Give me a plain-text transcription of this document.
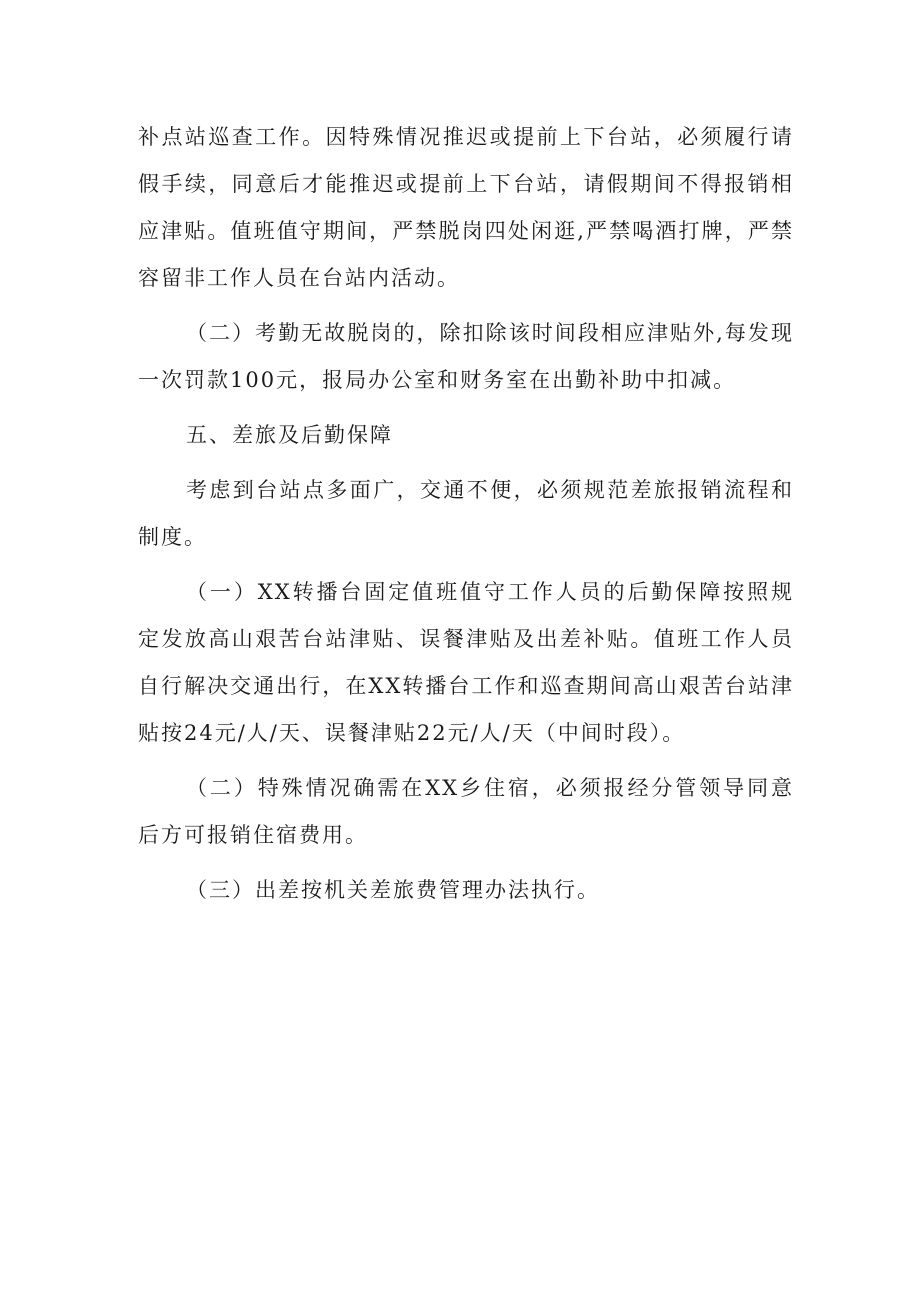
补点站巡查工作。因特殊情况推迟或提前上下台站，必须履行请假手续，同意后才能推迟或提前上下台站，请假期间不得报销相应津贴。值班值守期间，严禁脱岗四处闲逛,严禁喝酒打牌，严禁容留非工作人员在台站内活动。

（二）考勤无故脱岗的，除扣除该时间段相应津贴外,每发现一次罚款100元，报局办公室和财务室在出勤补助中扣减。

五、差旅及后勤保障

考虑到台站点多面广，交通不便，必须规范差旅报销流程和制度。

（一）XX转播台固定值班值守工作人员的后勤保障按照规定发放高山艰苦台站津贴、误餐津贴及出差补贴。值班工作人员自行解决交通出行，在XX转播台工作和巡查期间高山艰苦台站津贴按24元/人/天、误餐津贴22元/人/天（中间时段）。

（二）特殊情况确需在XX乡住宿，必须报经分管领导同意后方可报销住宿费用。

（三）出差按机关差旅费管理办法执行。
